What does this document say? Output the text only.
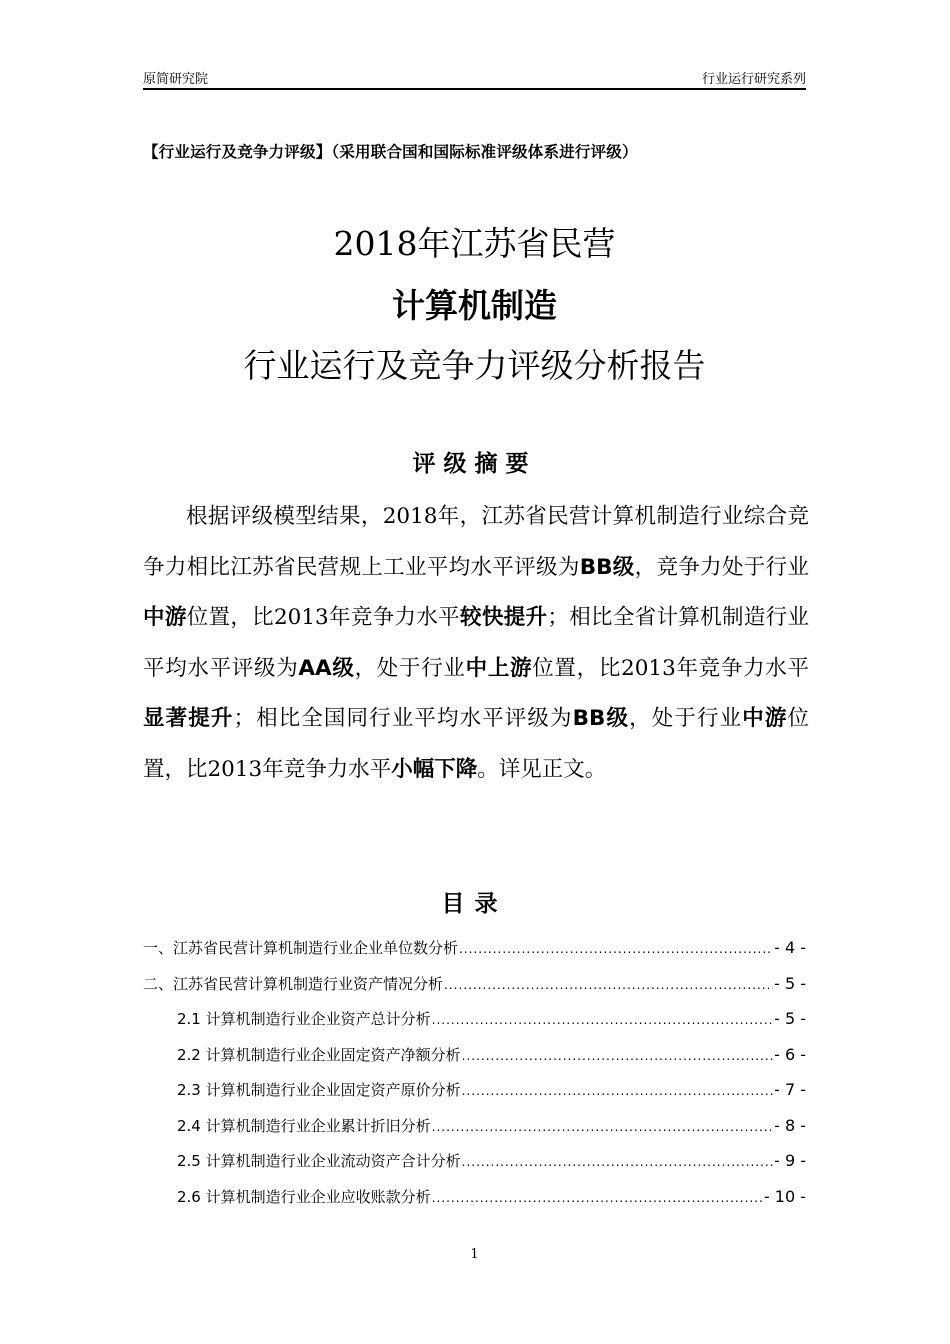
原简研究院	行业运行研究系列
【行业运行及竞争力评级】（采用联合国和国际标准评级体系进行评级）
2018年江苏省民营
计算机制造
行业运行及竞争力评级分析报告
评级摘要

根据评级模型结果，2018年，江苏省民营计算机制造行业综合竞争力相比江苏省民营规上工业平均水平评级为BB级，竞争力处于行业中游位置，比2013年竞争力水平较快提升；相比全省计算机制造行业平均水平评级为AA级，处于行业中上游位置，比2013年竞争力水平显著提升；相比全国同行业平均水平评级为BB级，处于行业中游位置，比2013年竞争力水平小幅下降。详见正文。

目录
一、江苏省民营计算机制造行业企业单位数分析 .....	- 4 -
二、江苏省民营计算机制造行业资产情况分析 .....	- 5 -
2.1 计算机制造行业企业资产总计分析 .....	- 5 -
2.2 计算机制造行业企业固定资产净额分析 .....	- 6 -
2.3 计算机制造行业企业固定资产原价分析 .....	- 7 -
2.4 计算机制造行业企业累计折旧分析 .....	- 8 -
2.5 计算机制造行业企业流动资产合计分析 .....	- 9 -
2.6 计算机制造行业企业应收账款分析 .....	- 10 -
1
